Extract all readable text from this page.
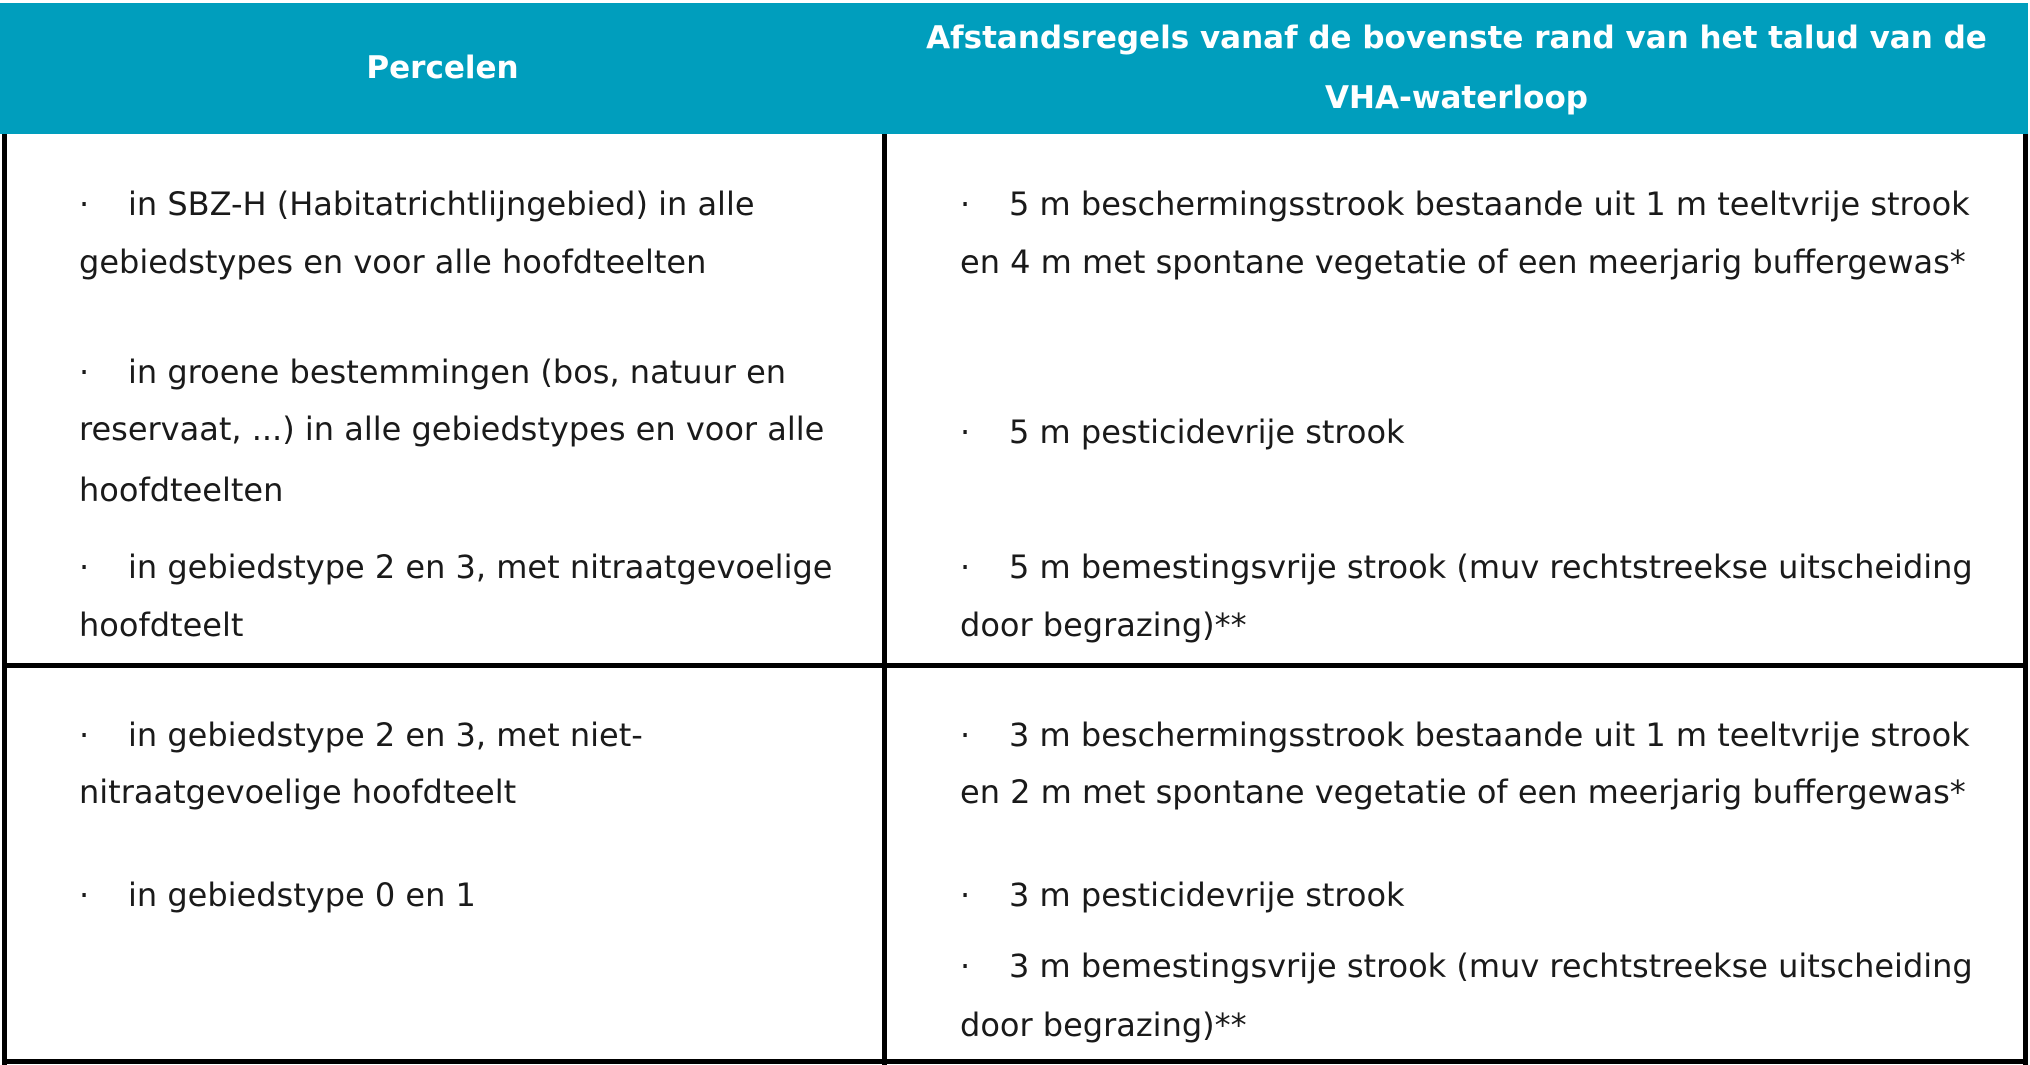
Percelen
Afstandsregels vanaf de bovenste rand van het talud van de
VHA-waterloop
· in SBZ-H (Habitatrichtlijngebied) in alle
gebiedstypes en voor alle hoofdteelten
· in groene bestemmingen (bos, natuur en
reservaat, ...) in alle gebiedstypes en voor alle
hoofdteelten
· in gebiedstype 2 en 3, met nitraatgevoelige
hoofdteelt
· 5 m beschermingsstrook bestaande uit 1 m teeltvrije strook
en 4 m met spontane vegetatie of een meerjarig buffergewas*
· 5 m pesticidevrije strook
· 5 m bemestingsvrije strook (muv rechtstreekse uitscheiding
door begrazing)**
· in gebiedstype 2 en 3, met niet-
nitraatgevoelige hoofdteelt
· in gebiedstype 0 en 1
· 3 m beschermingsstrook bestaande uit 1 m teeltvrije strook
en 2 m met spontane vegetatie of een meerjarig buffergewas*
· 3 m pesticidevrije strook
· 3 m bemestingsvrije strook (muv rechtstreekse uitscheiding
door begrazing)**
